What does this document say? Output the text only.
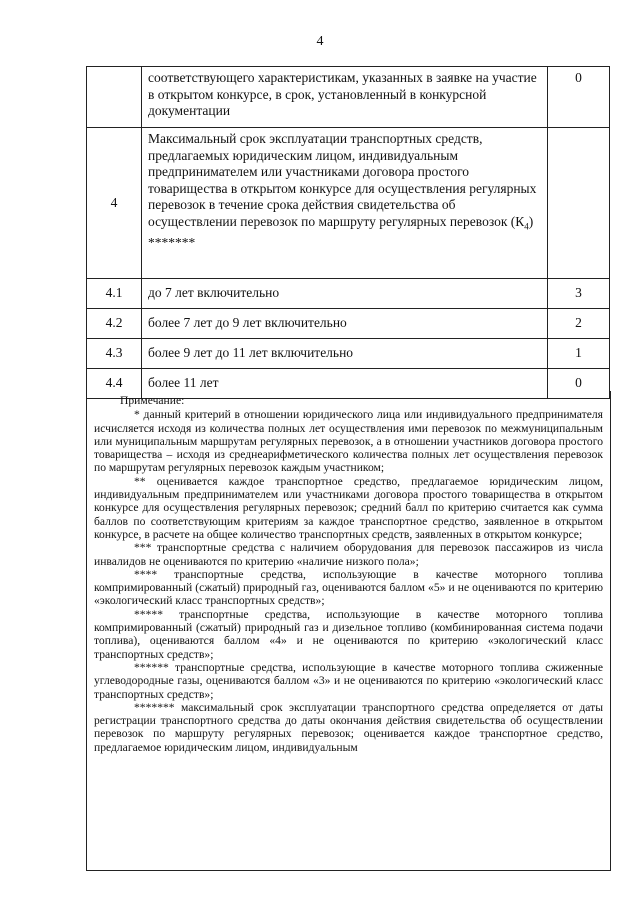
4
	соответствующего характеристикам, указанных в заявке на участие в открытом конкурсе, в срок, установленный в конкурсной документации	0
4	Максимальный срок эксплуатации транспортных средств, предлагаемых юридическим лицом, индивидуальным предпринимателем или участниками договора простого товарищества в открытом конкурсе для осуществления регулярных перевозок в течение срока действия свидетельства об осуществлении перевозок по маршруту регулярных перевозок $(К_4)$ *******	
4.1	до 7 лет включительно	3
4.2	более 7 лет до 9 лет включительно	2
4.3	более 9 лет до 11 лет включительно	1
4.4	более 11 лет	0

Примечание:

* данный критерий в отношении юридического лица или индивидуального предпринимателя исчисляется исходя из количества полных лет осуществления ими перевозок по межмуниципальным или муниципальным маршрутам регулярных перевозок, а в отношении участников договора простого товарищества – исходя из среднеарифметического количества полных лет осуществления перевозок по маршрутам регулярных перевозок каждым участником;

** оценивается каждое транспортное средство, предлагаемое юридическим лицом, индивидуальным предпринимателем или участниками договора простого товарищества в открытом конкурсе для осуществления регулярных перевозок; средний балл по критерию считается как сумма баллов по соответствующим критериям за каждое транспортное средство, заявленное в открытом конкурсе, в расчете на общее количество транспортных средств, заявленных в открытом конкурсе;

*** транспортные средства с наличием оборудования для перевозок пассажиров из числа инвалидов не оцениваются по критерию «наличие низкого пола»;

**** транспортные средства, использующие в качестве моторного топлива компримированный (сжатый) природный газ, оцениваются баллом «5» и не оцениваются по критерию «экологический класс транспортных средств»;

***** транспортные средства, использующие в качестве моторного топлива компримированный (сжатый) природный газ и дизельное топливо (комбинированная система подачи топлива), оцениваются баллом «4» и не оцениваются по критерию «экологический класс транспортных средств»;

****** транспортные средства, использующие в качестве моторного топлива сжиженные углеводородные газы, оцениваются баллом «3» и не оцениваются по критерию «экологический класс транспортных средств»;

******* максимальный срок эксплуатации транспортного средства определяется от даты регистрации транспортного средства до даты окончания действия свидетельства об осуществлении перевозок по маршруту регулярных перевозок; оценивается каждое транспортное средство, предлагаемое юридическим лицом, индивидуальным
